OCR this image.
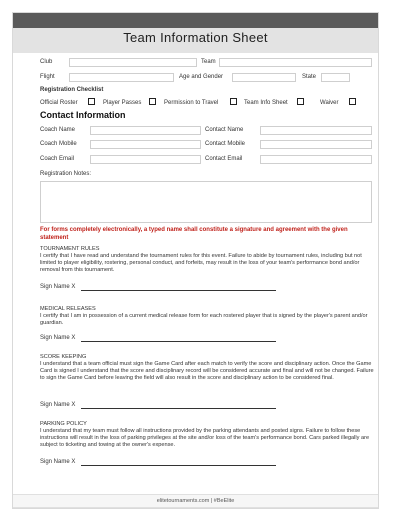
Team Information Sheet
Club	Team
Flight	Age and Gender	State
Registration Checklist
Official Roster	Player Passes	Permission to Travel	Team Info Sheet	Waiver
Contact Information
Coach Name	Contact Name
Coach Mobile	Contact Mobile
Coach Email	Contact Email
Registration Notes:
For forms completely electronically, a typed name shall constitute a signature and agreement with the given statement
TOURNAMENT RULES
I certify that I have read and understand the tournament rules for this event. Failure to abide by tournament rules, including but not limited to player eligibility, rostering, personal conduct, and forfeits, may result in the loss of your team's performance bond and/or removal from this tournament.
Sign Name X
MEDICAL RELEASES
I certify that I am in possession of a current medical release form for each rostered player that is signed by the player's parent and/or guardian.
Sign Name X
SCORE KEEPING
I understand that a team official must sign the Game Card after each match to verify the score and disciplinary action. Once the Game Card is signed I understand that the score and disciplinary record will be considered accurate and final and will not be changed. Failure to sign the Game Card before leaving the field will also result in the score and disciplinary action to be considered final.
Sign Name X
PARKING POLICY
I understand that my team must follow all instructions provided by the parking attendants and posted signs. Failure to follow these instructions will result in the loss of parking privileges at the site and/or loss of the team's performance bond. Cars parked illegally are subject to ticketing and towing at the owner's expense.
Sign Name X
elitetournaments.com | #BeElite
